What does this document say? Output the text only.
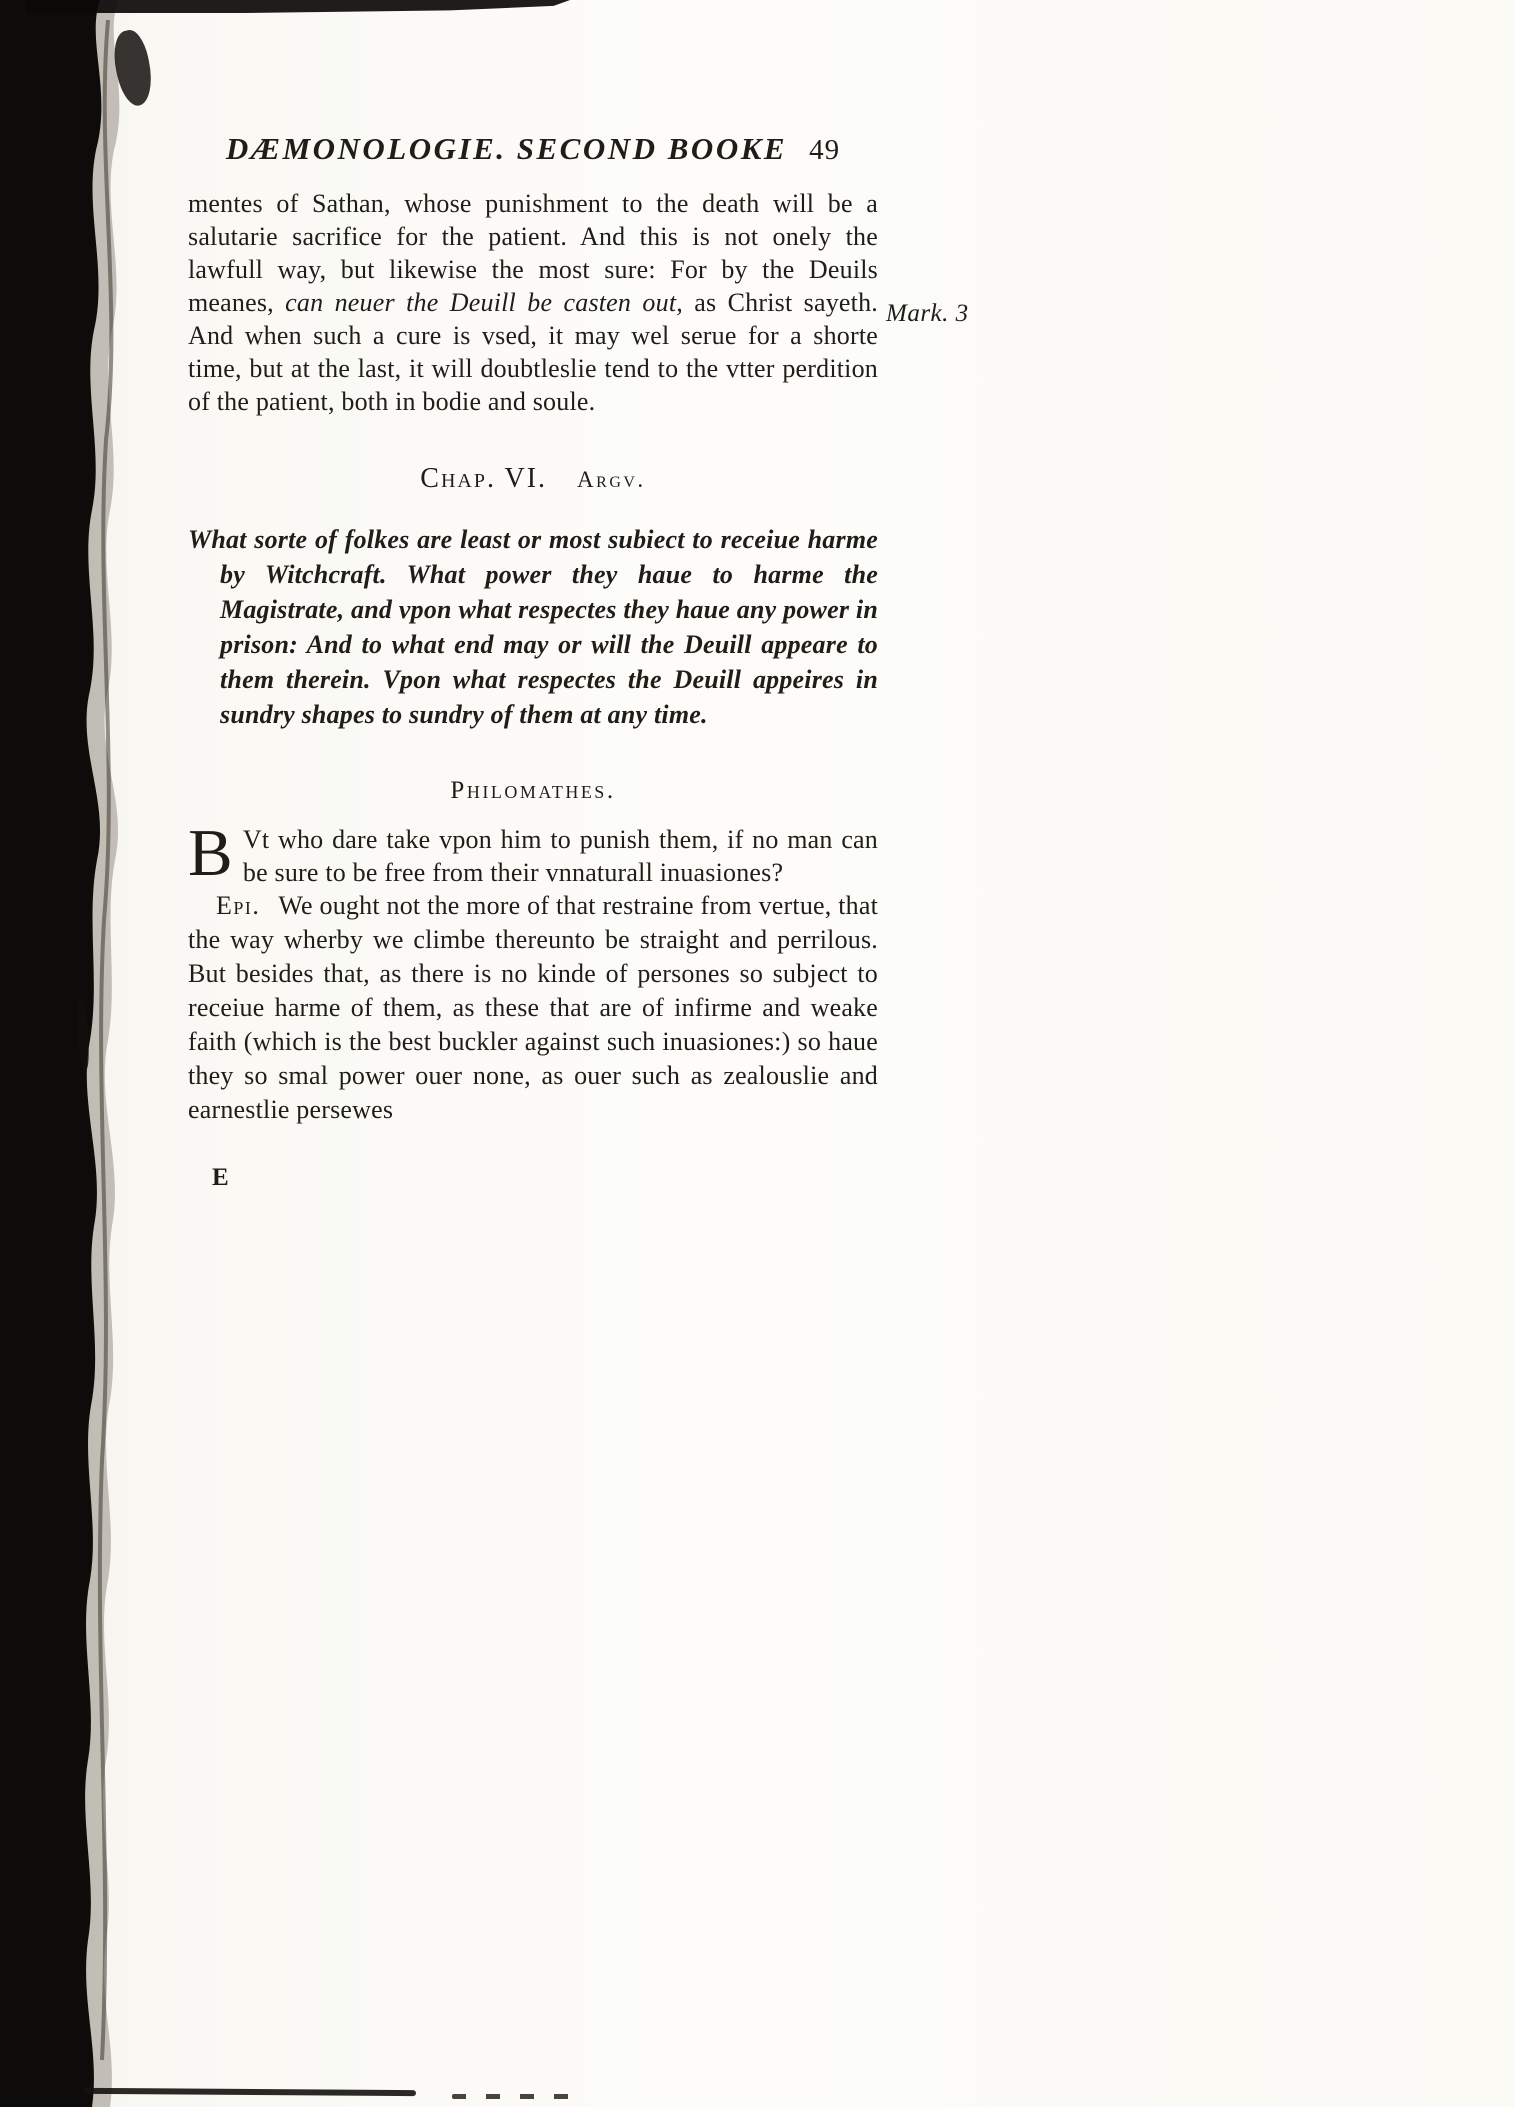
Mark. 3
DÆMONOLOGIE. SECOND BOOKE 49

mentes of Sathan, whose punishment to the death will be a salutarie sacrifice for the patient. And this is not onely the lawfull way, but likewise the most sure: For by the Deuils meanes, can neuer the Deuill be casten out, as Christ sayeth. And when such a cure is vsed, it may wel serue for a shorte time, but at the last, it will doubtleslie tend to the vtter perdition of the patient, both in bodie and soule.

Chap. VI. Argv.

What sorte of folkes are least or most subiect to receiue harme by Witchcraft. What power they haue to harme the Magistrate, and vpon what respectes they haue any power in prison: And to what end may or will the Deuill appeare to them therein. Vpon what respectes the Deuill appeires in sundry shapes to sundry of them at any time.

Philomathes.

B Vt who dare take vpon him to punish them, if no man can be sure to be free from their vnnaturall inuasiones?

Epi. We ought not the more of that restraine from vertue, that the way wherby we climbe thereunto be straight and perrilous. But besides that, as there is no kinde of persones so subject to receiue harme of them, as these that are of infirme and weake faith (which is the best buckler against such inuasiones:) so haue they so smal power ouer none, as ouer such as zealouslie and earnestlie persewes

E
